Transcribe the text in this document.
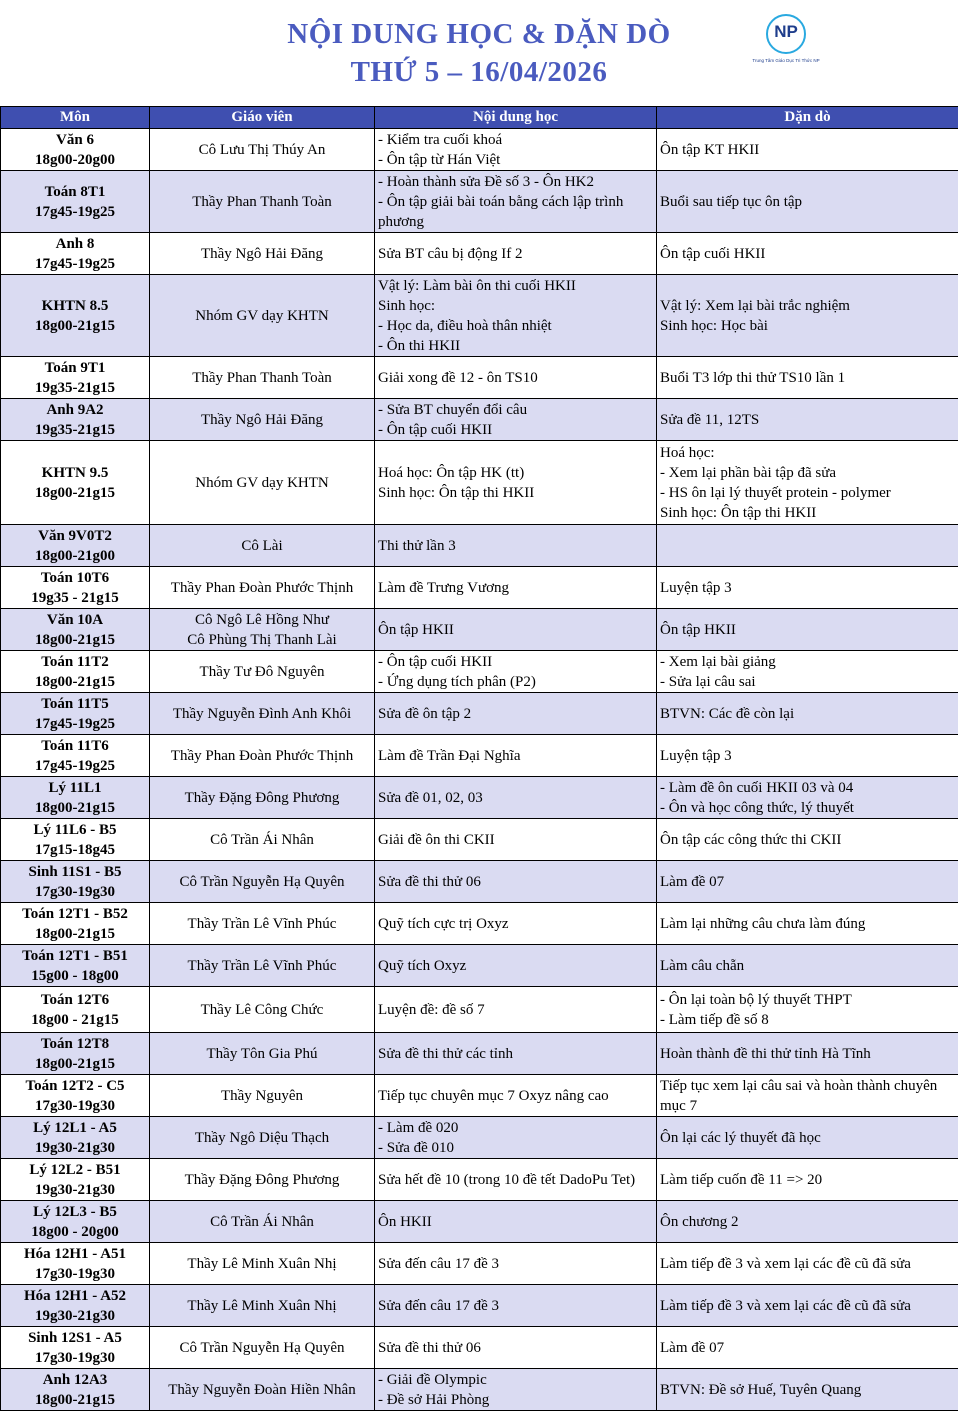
NỘI DUNG HỌC & DẶN DÒ
THỨ 5 – 16/04/2026
NP
Trung Tâm Giáo Dục Tri Thức NP
Môn	Giáo viên	Nội dung học	Dặn dò

Văn 6
18g00-20g00	Cô Lưu Thị Thúy An	- Kiểm tra cuối khoá
- Ôn tập từ Hán Việt	Ôn tập KT HKII

Toán 8T1
17g45-19g25	Thầy Phan Thanh Toàn	- Hoàn thành sửa Đề số 3 - Ôn HK2
- Ôn tập giải bài toán bằng cách lập trình phương	Buổi sau tiếp tục ôn tập

Anh 8
17g45-19g25	Thầy Ngô Hải Đăng	Sửa BT câu bị động If 2	Ôn tập cuối HKII

KHTN 8.5
18g00-21g15	Nhóm GV dạy KHTN	Vật lý: Làm bài ôn thi cuối HKII
Sinh học:
- Học da, điều hoà thân nhiệt
- Ôn thi HKII	Vật lý: Xem lại bài trắc nghiệm
Sinh học: Học bài

Toán 9T1
19g35-21g15	Thầy Phan Thanh Toàn	Giải xong đề 12 - ôn TS10	Buổi T3 lớp thi thử TS10 lần 1

Anh 9A2
19g35-21g15	Thầy Ngô Hải Đăng	- Sửa BT chuyển đổi câu
- Ôn tập cuối HKII	Sửa đề 11, 12TS

KHTN 9.5
18g00-21g15	Nhóm GV dạy KHTN	Hoá học: Ôn tập HK (tt)
Sinh học: Ôn tập thi HKII	Hoá học:
- Xem lại phần bài tập đã sửa
- HS ôn lại lý thuyết protein - polymer
Sinh học: Ôn tập thi HKII

Văn 9V0T2
18g00-21g00	Cô Lài	Thi thử lần 3	

Toán 10T6
19g35 - 21g15	Thầy Phan Đoàn Phước Thịnh	Làm đề Trưng Vương	Luyện tập 3

Văn 10A
18g00-21g15	Cô Ngô Lê Hồng Như
Cô Phùng Thị Thanh Lài	Ôn tập HKII	Ôn tập HKII

Toán 11T2
18g00-21g15	Thầy Tư Đô Nguyên	- Ôn tập cuối HKII
- Ứng dụng tích phân (P2)	- Xem lại bài giảng
- Sửa lại câu sai

Toán 11T5
17g45-19g25	Thầy Nguyễn Đình Anh Khôi	Sửa đề ôn tập 2	BTVN: Các đề còn lại

Toán 11T6
17g45-19g25	Thầy Phan Đoàn Phước Thịnh	Làm đề Trần Đại Nghĩa	Luyện tập 3

Lý 11L1
18g00-21g15	Thầy Đặng Đông Phương	Sửa đề 01, 02, 03	- Làm đề ôn cuối HKII 03 và 04
- Ôn và học công thức, lý thuyết

Lý 11L6 - B5
17g15-18g45	Cô Trần Ái Nhân	Giải đề ôn thi CKII	Ôn tập các công thức thi CKII

Sinh 11S1 - B5
17g30-19g30	Cô Trần Nguyễn Hạ Quyên	Sửa đề thi thử 06	Làm đề 07

Toán 12T1 - B52
18g00-21g15	Thầy Trần Lê Vĩnh Phúc	Quỹ tích cực trị Oxyz	Làm lại những câu chưa làm đúng

Toán 12T1 - B51
15g00 - 18g00	Thầy Trần Lê Vĩnh Phúc	Quỹ tích Oxyz	Làm câu chẵn

Toán 12T6
18g00 - 21g15	Thầy Lê Công Chức	Luyện đề: đề số 7	- Ôn lại toàn bộ lý thuyết THPT
- Làm tiếp đề số 8

Toán 12T8
18g00-21g15	Thầy Tôn Gia Phú	Sửa đề thi thử các tỉnh	Hoàn thành đề thi thử tỉnh Hà Tĩnh

Toán 12T2 - C5
17g30-19g30	Thầy Nguyên	Tiếp tục chuyên mục 7 Oxyz nâng cao	Tiếp tục xem lại câu sai và hoàn thành chuyên mục 7

Lý 12L1 - A5
19g30-21g30	Thầy Ngô Diệu Thạch	- Làm đề 020
- Sửa đề 010	Ôn lại các lý thuyết đã học

Lý 12L2 - B51
19g30-21g30	Thầy Đặng Đông Phương	Sửa hết đề 10 (trong 10 đề tết DadoPu Tet)	Làm tiếp cuốn đề 11 => 20

Lý 12L3 - B5
18g00 - 20g00	Cô Trần Ái Nhân	Ôn HKII	Ôn chương 2

Hóa 12H1 - A51
17g30-19g30	Thầy Lê Minh Xuân Nhị	Sửa đến câu 17 đề 3	Làm tiếp đề 3 và xem lại các đề cũ đã sửa

Hóa 12H1 - A52
19g30-21g30	Thầy Lê Minh Xuân Nhị	Sửa đến câu 17 đề 3	Làm tiếp đề 3 và xem lại các đề cũ đã sửa

Sinh 12S1 - A5
17g30-19g30	Cô Trần Nguyễn Hạ Quyên	Sửa đề thi thử 06	Làm đề 07

Anh 12A3
18g00-21g15	Thầy Nguyễn Đoàn Hiền Nhân	- Giải đề Olympic
- Đề sở Hải Phòng	BTVN: Đề sở Huế, Tuyên Quang
